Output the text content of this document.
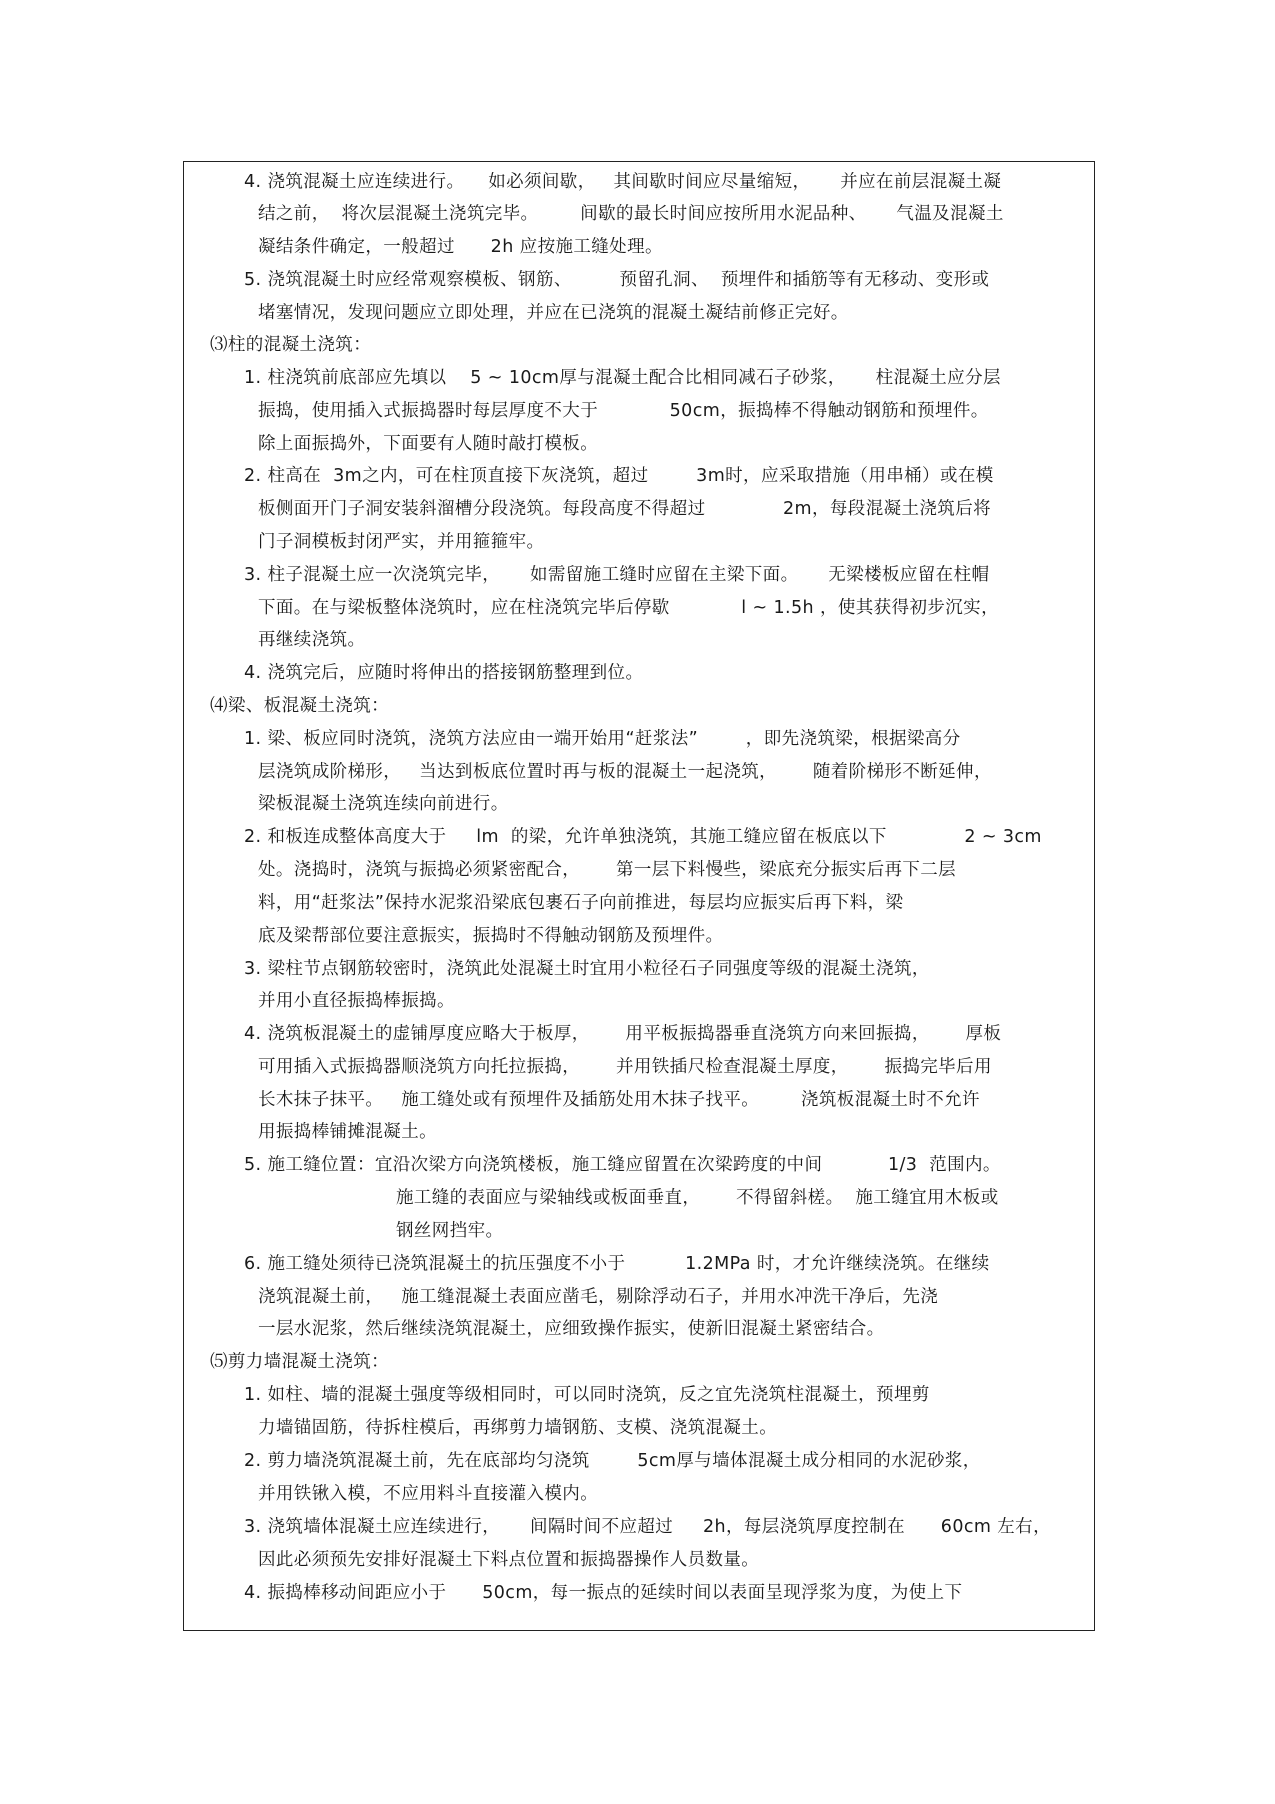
4. 浇筑混凝土应连续进行。    如必须间歇，   其间歇时间应尽量缩短，     并应在前层混凝土凝
结之前，  将次层混凝土浇筑完毕。       间歇的最长时间应按所用水泥品种、     气温及混凝土
凝结条件确定，一般超过      2h 应按施工缝处理。
5. 浇筑混凝土时应经常观察模板、钢筋、        预留孔洞、  预埋件和插筋等有无移动、变形或
堵塞情况，发现问题应立即处理，并应在已浇筑的混凝土凝结前修正完好。
⑶柱的混凝土浇筑：
1. 柱浇筑前底部应先填以    5 ~ 10cm厚与混凝土配合比相同减石子砂浆，     柱混凝土应分层
振捣，使用插入式振捣器时每层厚度不大于            50cm，振捣棒不得触动钢筋和预埋件。
除上面振捣外，下面要有人随时敲打模板。
2. 柱高在  3m之内，可在柱顶直接下灰浇筑，超过        3m时，应采取措施（用串桶）或在模
板侧面开门子洞安装斜溜槽分段浇筑。每段高度不得超过             2m，每段混凝土浇筑后将
门子洞模板封闭严实，并用箍箍牢。
3. 柱子混凝土应一次浇筑完毕，     如需留施工缝时应留在主梁下面。     无梁楼板应留在柱帽
下面。在与梁板整体浇筑时，应在柱浇筑完毕后停歇            l ~ 1.5h ，使其获得初步沉实，
再继续浇筑。
4. 浇筑完后，应随时将伸出的搭接钢筋整理到位。
⑷梁、板混凝土浇筑：
1. 梁、板应同时浇筑，浇筑方法应由一端开始用“赶浆法”        ，即先浇筑梁，根据梁高分
层浇筑成阶梯形，   当达到板底位置时再与板的混凝土一起浇筑，      随着阶梯形不断延伸，
梁板混凝土浇筑连续向前进行。
2. 和板连成整体高度大于     lm  的梁，允许单独浇筑，其施工缝应留在板底以下             2 ~ 3cm
处。浇捣时，浇筑与振捣必须紧密配合，      第一层下料慢些，梁底充分振实后再下二层
料，用“赶浆法”保持水泥浆沿梁底包裹石子向前推进，每层均应振实后再下料，梁
底及梁帮部位要注意振实，振捣时不得触动钢筋及预埋件。
3. 梁柱节点钢筋较密时，浇筑此处混凝土时宜用小粒径石子同强度等级的混凝土浇筑，
并用小直径振捣棒振捣。
4. 浇筑板混凝土的虚铺厚度应略大于板厚，      用平板振捣器垂直浇筑方向来回振捣，      厚板
可用插入式振捣器顺浇筑方向托拉振捣，      并用铁插尺检查混凝土厚度，      振捣完毕后用
长木抹子抹平。   施工缝处或有预埋件及插筋处用木抹子找平。       浇筑板混凝土时不允许
用振捣棒铺摊混凝土。
5. 施工缝位置：宜沿次梁方向浇筑楼板，施工缝应留置在次梁跨度的中间           1/3  范围内。
施工缝的表面应与梁轴线或板面垂直，      不得留斜槎。  施工缝宜用木板或
钢丝网挡牢。
6. 施工缝处须待已浇筑混凝土的抗压强度不小于          1.2MPa 时，才允许继续浇筑。在继续
浇筑混凝土前，   施工缝混凝土表面应凿毛，剔除浮动石子，并用水冲洗干净后，先浇
一层水泥浆，然后继续浇筑混凝土，应细致操作振实，使新旧混凝土紧密结合。
⑸剪力墙混凝土浇筑：
1. 如柱、墙的混凝土强度等级相同时，可以同时浇筑，反之宜先浇筑柱混凝土，预埋剪
力墙锚固筋，待拆柱模后，再绑剪力墙钢筋、支模、浇筑混凝土。
2. 剪力墙浇筑混凝土前，先在底部均匀浇筑        5cm厚与墙体混凝土成分相同的水泥砂浆，
并用铁锹入模，不应用料斗直接灌入模内。
3. 浇筑墙体混凝土应连续进行，     间隔时间不应超过     2h，每层浇筑厚度控制在      60cm 左右，
因此必须预先安排好混凝土下料点位置和振捣器操作人员数量。
4. 振捣棒移动间距应小于      50cm，每一振点的延续时间以表面呈现浮浆为度，为使上下
